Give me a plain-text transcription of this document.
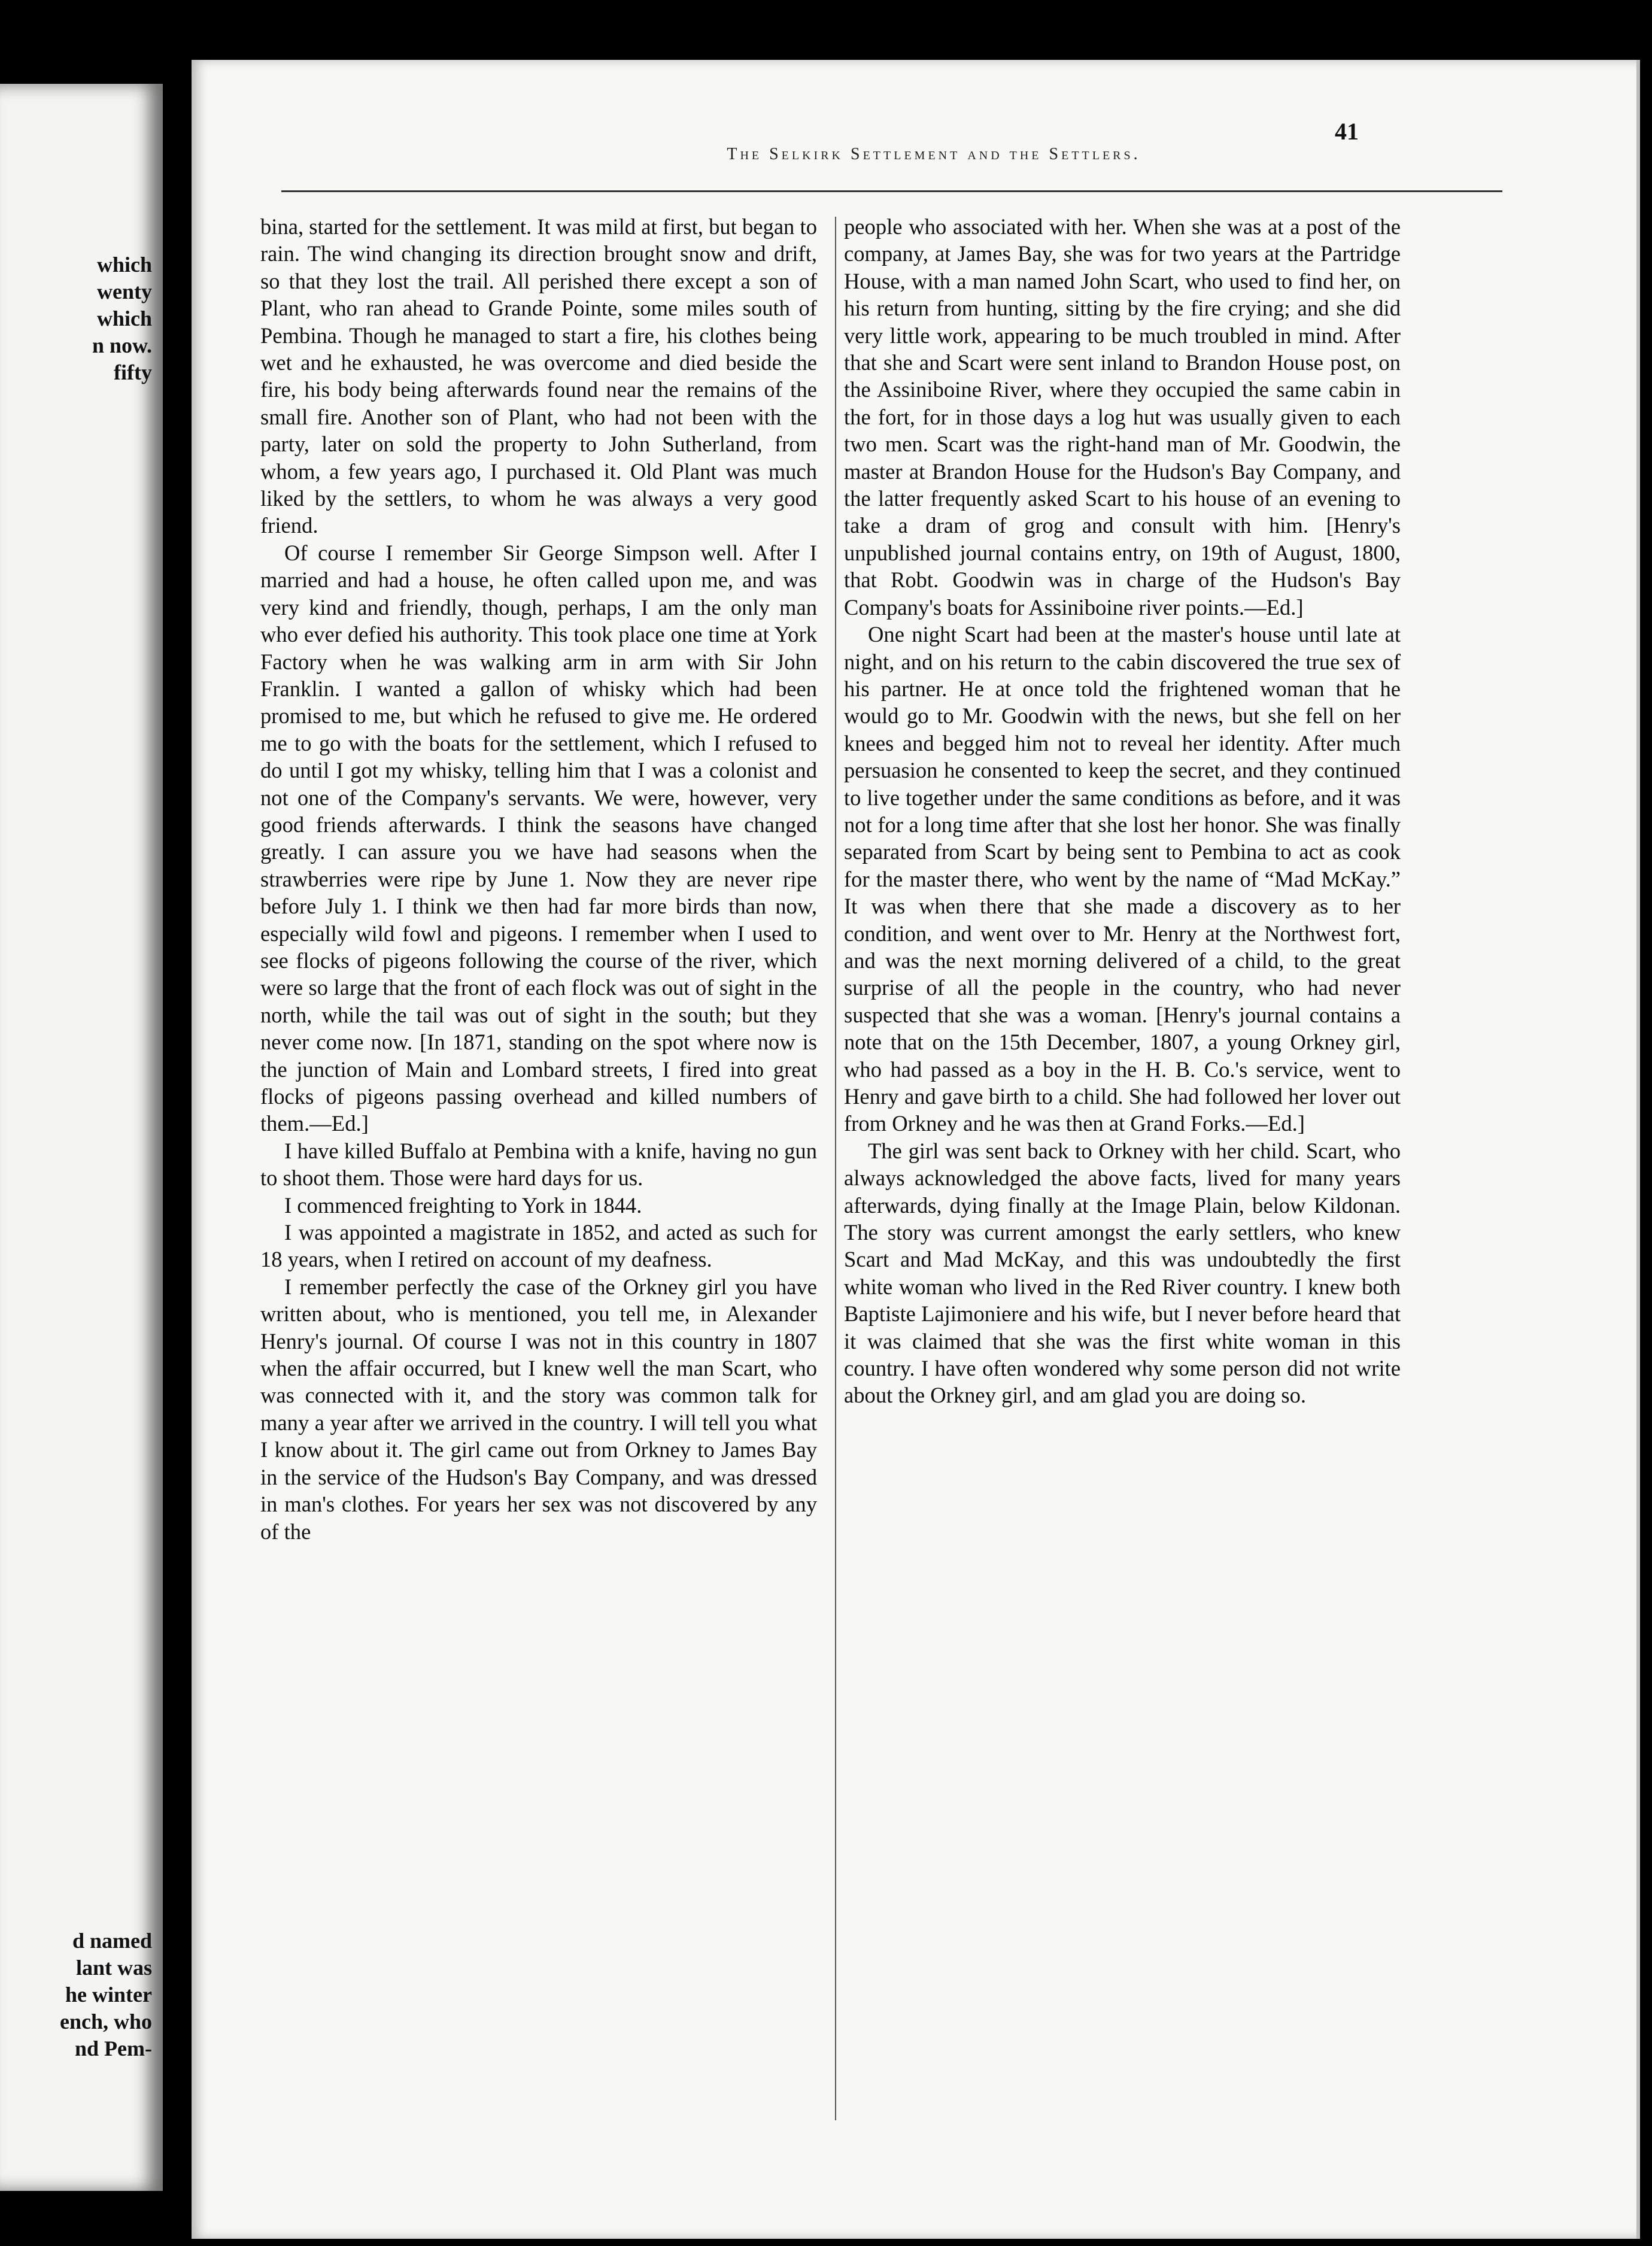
which
wenty
which
n now.
fifty
d named
lant was
he winter
ench, who
nd Pem-
The Selkirk Settlement and the Settlers.
41

bina, started for the settlement. It was mild at first, but began to rain. The wind changing its direction brought snow and drift, so that they lost the trail. All perished there except a son of Plant, who ran ahead to Grande Pointe, some miles south of Pembina. Though he managed to start a fire, his clothes being wet and he exhausted, he was overcome and died beside the fire, his body being afterwards found near the remains of the small fire. Another son of Plant, who had not been with the party, later on sold the property to John Sutherland, from whom, a few years ago, I purchased it. Old Plant was much liked by the settlers, to whom he was always a very good friend.

Of course I remember Sir George Simpson well. After I married and had a house, he often called upon me, and was very kind and friendly, though, perhaps, I am the only man who ever defied his authority. This took place one time at York Factory when he was walking arm in arm with Sir John Franklin. I wanted a gallon of whisky which had been promised to me, but which he refused to give me. He ordered me to go with the boats for the settlement, which I refused to do until I got my whisky, telling him that I was a colonist and not one of the Company's servants. We were, however, very good friends afterwards. I think the seasons have changed greatly. I can assure you we have had seasons when the strawberries were ripe by June 1. Now they are never ripe before July 1. I think we then had far more birds than now, especially wild fowl and pigeons. I remember when I used to see flocks of pigeons following the course of the river, which were so large that the front of each flock was out of sight in the north, while the tail was out of sight in the south; but they never come now. [In 1871, standing on the spot where now is the junction of Main and Lombard streets, I fired into great flocks of pigeons passing overhead and killed numbers of them.—Ed.]

I have killed Buffalo at Pembina with a knife, having no gun to shoot them. Those were hard days for us.

I commenced freighting to York in 1844.

I was appointed a magistrate in 1852, and acted as such for 18 years, when I retired on account of my deafness.

I remember perfectly the case of the Orkney girl you have written about, who is mentioned, you tell me, in Alexander Henry's journal. Of course I was not in this country in 1807 when the affair occurred, but I knew well the man Scart, who was connected with it, and the story was common talk for many a year after we arrived in the country. I will tell you what I know about it. The girl came out from Orkney to James Bay in the service of the Hudson's Bay Company, and was dressed in man's clothes. For years her sex was not discovered by any of the

people who associated with her. When she was at a post of the company, at James Bay, she was for two years at the Partridge House, with a man named John Scart, who used to find her, on his return from hunting, sitting by the fire crying; and she did very little work, appearing to be much troubled in mind. After that she and Scart were sent inland to Brandon House post, on the Assiniboine River, where they occupied the same cabin in the fort, for in those days a log hut was usually given to each two men. Scart was the right-hand man of Mr. Goodwin, the master at Brandon House for the Hudson's Bay Company, and the latter frequently asked Scart to his house of an evening to take a dram of grog and consult with him. [Henry's unpublished journal contains entry, on 19th of August, 1800, that Robt. Goodwin was in charge of the Hudson's Bay Company's boats for Assiniboine river points.—Ed.]

One night Scart had been at the master's house until late at night, and on his return to the cabin discovered the true sex of his partner. He at once told the frightened woman that he would go to Mr. Goodwin with the news, but she fell on her knees and begged him not to reveal her identity. After much persuasion he consented to keep the secret, and they continued to live together under the same conditions as before, and it was not for a long time after that she lost her honor. She was finally separated from Scart by being sent to Pembina to act as cook for the master there, who went by the name of “Mad McKay.” It was when there that she made a discovery as to her condition, and went over to Mr. Henry at the Northwest fort, and was the next morning delivered of a child, to the great surprise of all the people in the country, who had never suspected that she was a woman. [Henry's journal contains a note that on the 15th December, 1807, a young Orkney girl, who had passed as a boy in the H. B. Co.'s service, went to Henry and gave birth to a child. She had followed her lover out from Orkney and he was then at Grand Forks.—Ed.]

The girl was sent back to Orkney with her child. Scart, who always acknowledged the above facts, lived for many years afterwards, dying finally at the Image Plain, below Kildonan. The story was current amongst the early settlers, who knew Scart and Mad McKay, and this was undoubtedly the first white woman who lived in the Red River country. I knew both Baptiste Lajimoniere and his wife, but I never before heard that it was claimed that she was the first white woman in this country. I have often wondered why some person did not write about the Orkney girl, and am glad you are doing so.
